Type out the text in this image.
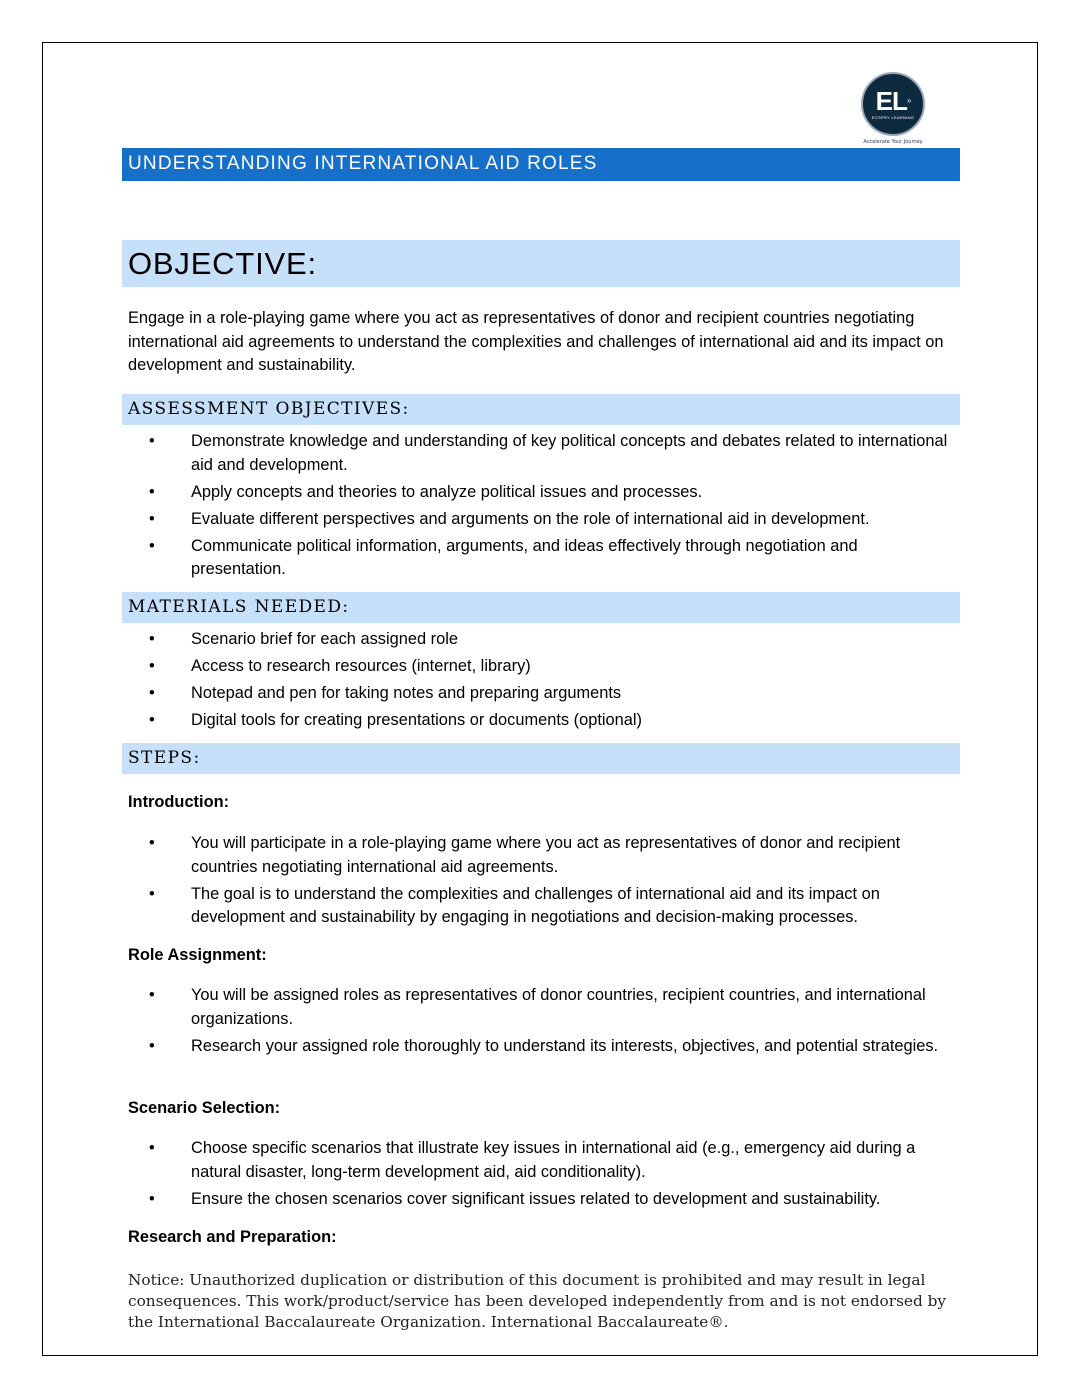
EL»
ECSPRY LEARNING
Accelerate Your Journey
UNDERSTANDING INTERNATIONAL AID ROLES
OBJECTIVE:
Engage in a role-playing game where you act as representatives of donor and recipient countries negotiating international aid agreements to understand the complexities and challenges of international aid and its impact on development and sustainability.
ASSESSMENT OBJECTIVES:
• Demonstrate knowledge and understanding of key political concepts and debates related to international aid and development.
• Apply concepts and theories to analyze political issues and processes.
• Evaluate different perspectives and arguments on the role of international aid in development.
• Communicate political information, arguments, and ideas effectively through negotiation and presentation.
MATERIALS NEEDED:
• Scenario brief for each assigned role
• Access to research resources (internet, library)
• Notepad and pen for taking notes and preparing arguments
• Digital tools for creating presentations or documents (optional)
STEPS:
Introduction:
• You will participate in a role-playing game where you act as representatives of donor and recipient countries negotiating international aid agreements.
• The goal is to understand the complexities and challenges of international aid and its impact on development and sustainability by engaging in negotiations and decision-making processes.
Role Assignment:
• You will be assigned roles as representatives of donor countries, recipient countries, and international organizations.
• Research your assigned role thoroughly to understand its interests, objectives, and potential strategies.
Scenario Selection:
• Choose specific scenarios that illustrate key issues in international aid (e.g., emergency aid during a natural disaster, long-term development aid, aid conditionality).
• Ensure the chosen scenarios cover significant issues related to development and sustainability.
Research and Preparation:
Notice: Unauthorized duplication or distribution of this document is prohibited and may result in legal consequences. This work/product/service has been developed independently from and is not endorsed by the International Baccalaureate Organization. International Baccalaureate®.
